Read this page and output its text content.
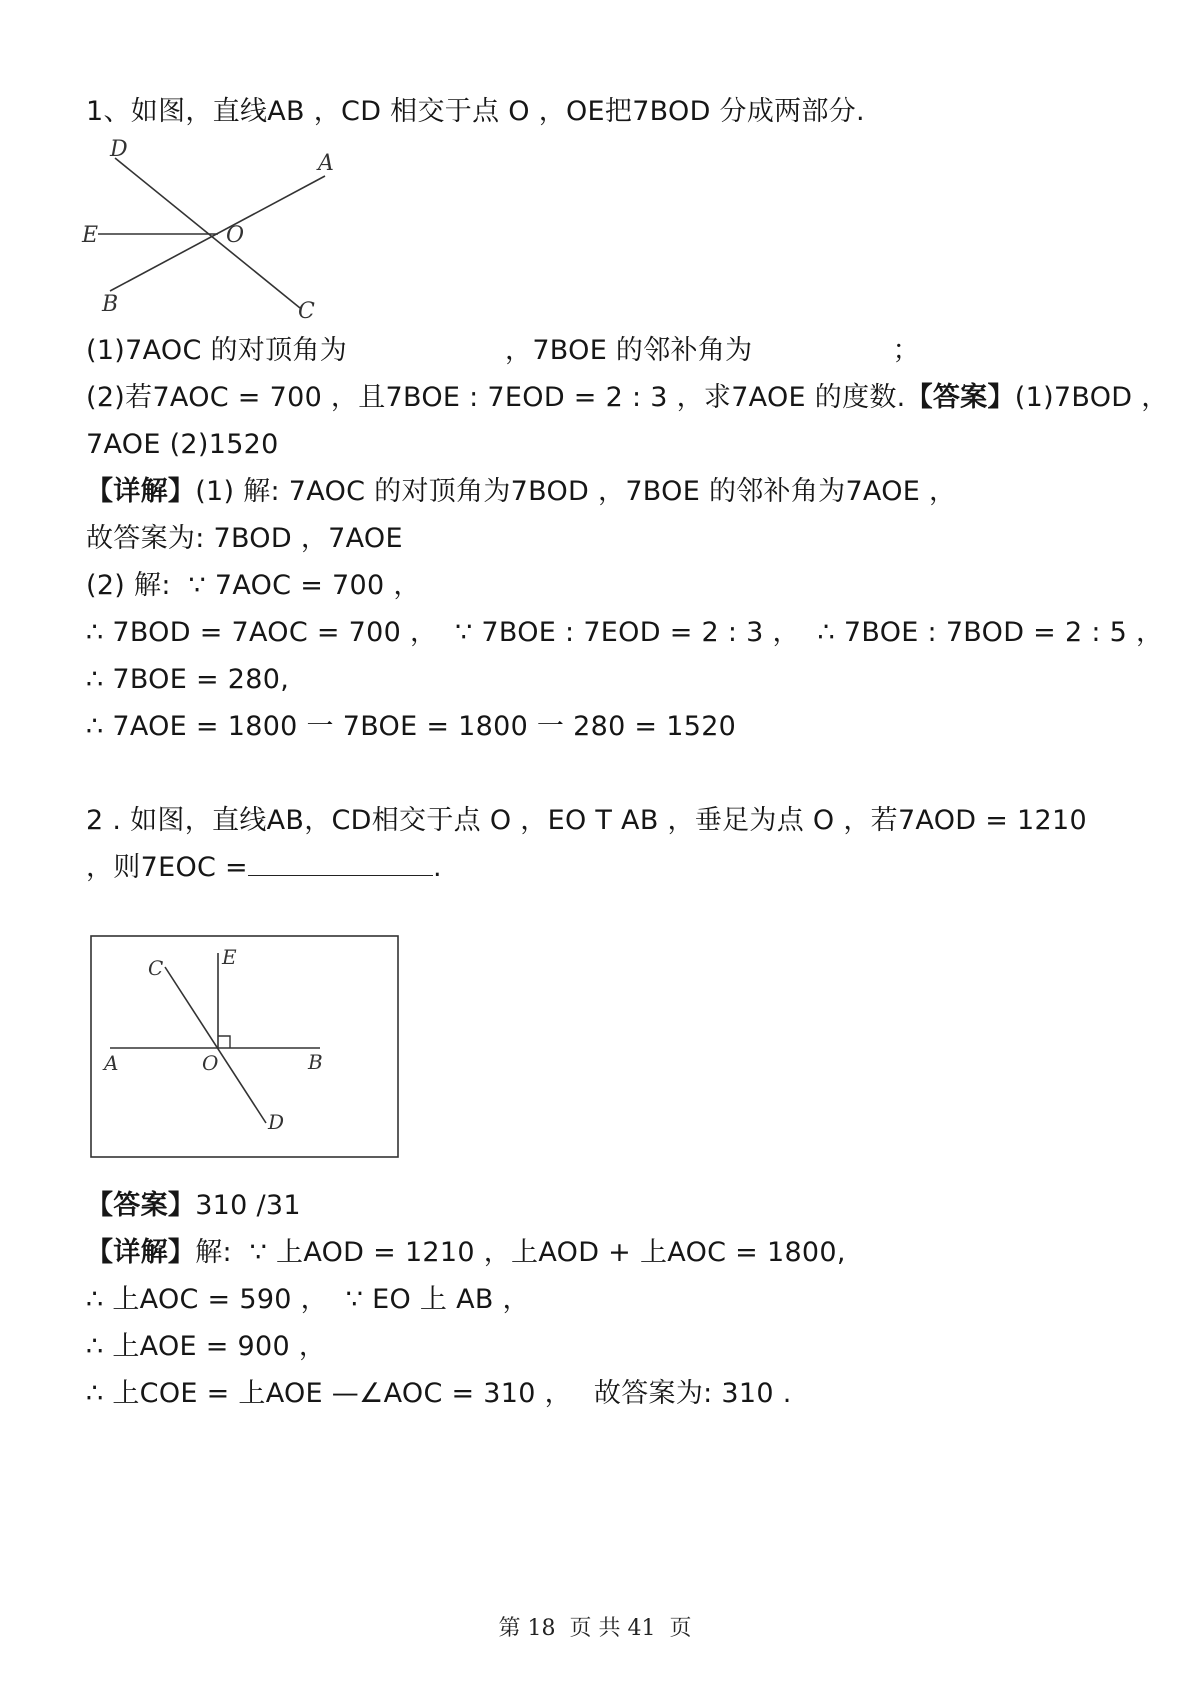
1、如图，直线AB ，CD 相交于点 O ，OE把7BOD 分成两部分.

D
A
E	O
B	C

(1)7AOC 的对顶角为	，7BOE 的邻补角为	；

(2)若7AOC = 700 ，且7BOE : 7EOD = 2 : 3 ，求7AOE 的度数.【答案】(1)7BOD ，

7AOE (2)1520

【详解】(1) 解: 7AOC 的对顶角为7BOD ，7BOE 的邻补角为7AOE ，

故答案为: 7BOD ，7AOE

(2) 解:  ∵ 7AOC = 700 ，

∴ 7BOD = 7AOC = 700 ，  ∵ 7BOE : 7EOD = 2 : 3 ，  ∴ 7BOE : 7BOD = 2 : 5 ，

∴ 7BOE = 280,

∴ 7AOE = 1800 一 7BOE = 1800 一 280 = 1520

2 . 如图，直线AB，CD相交于点 O ，EO T AB ，垂足为点 O ，若7AOD = 1210

，则7EOC =	.

C	E
A	O	B
D

【答案】310 /31

【详解】解:  ∵ 上AOD = 1210 ，上AOD + 上AOC = 1800,

∴ 上AOC = 590 ，  ∵ EO 上 AB ，

∴ 上AOE = 900 ，

∴ 上COE = 上AOE —∠AOC = 310 ， 故答案为: 310 .

第 18  页 共 41  页
